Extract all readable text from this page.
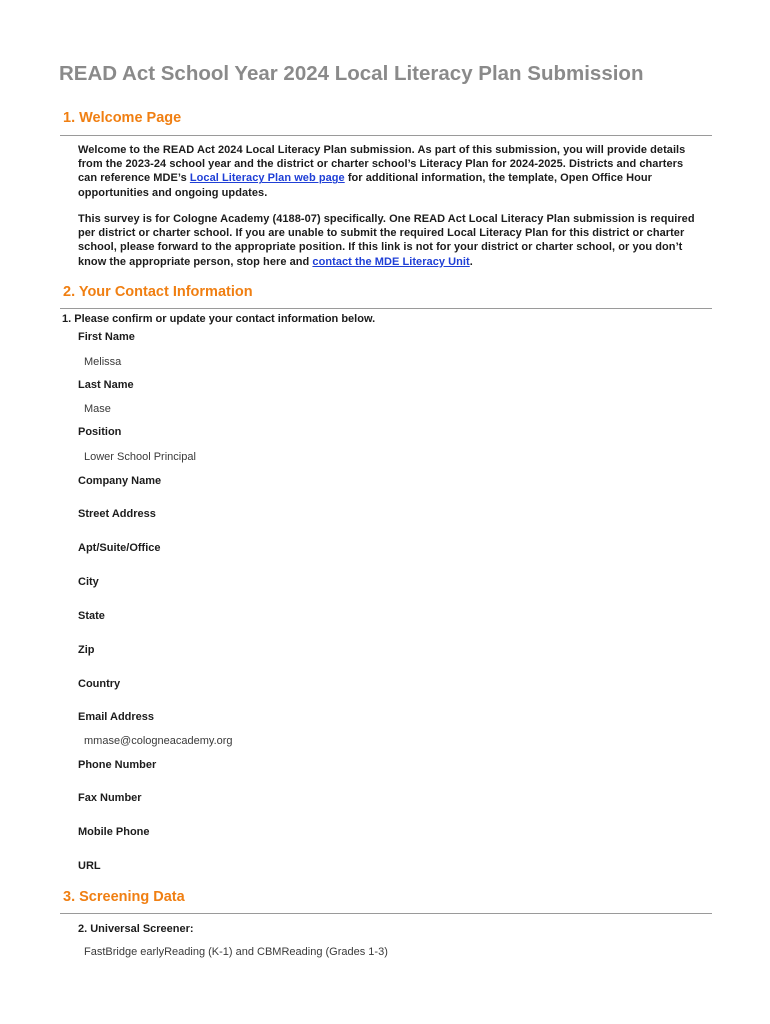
READ Act School Year 2024 Local Literacy Plan Submission
1. Welcome Page
Welcome to the READ Act 2024 Local Literacy Plan submission. As part of this submission, you will provide details from the 2023-24 school year and the district or charter school’s Literacy Plan for 2024-2025. Districts and charters can reference MDE’s Local Literacy Plan web page for additional information, the template, Open Office Hour opportunities and ongoing updates.
This survey is for Cologne Academy (4188-07) specifically. One READ Act Local Literacy Plan submission is required per district or charter school. If you are unable to submit the required Local Literacy Plan for this district or charter school, please forward to the appropriate position. If this link is not for your district or charter school, or you don’t know the appropriate person, stop here and contact the MDE Literacy Unit.
2. Your Contact Information
1. Please confirm or update your contact information below.
First Name
Melissa
Last Name
Mase
Position
Lower School Principal
Company Name
Street Address
Apt/Suite/Office
City
State
Zip
Country
Email Address
mmase@cologneacademy.org
Phone Number
Fax Number
Mobile Phone
URL
3. Screening Data
2. Universal Screener:
FastBridge earlyReading (K-1) and CBMReading (Grades 1-3)
